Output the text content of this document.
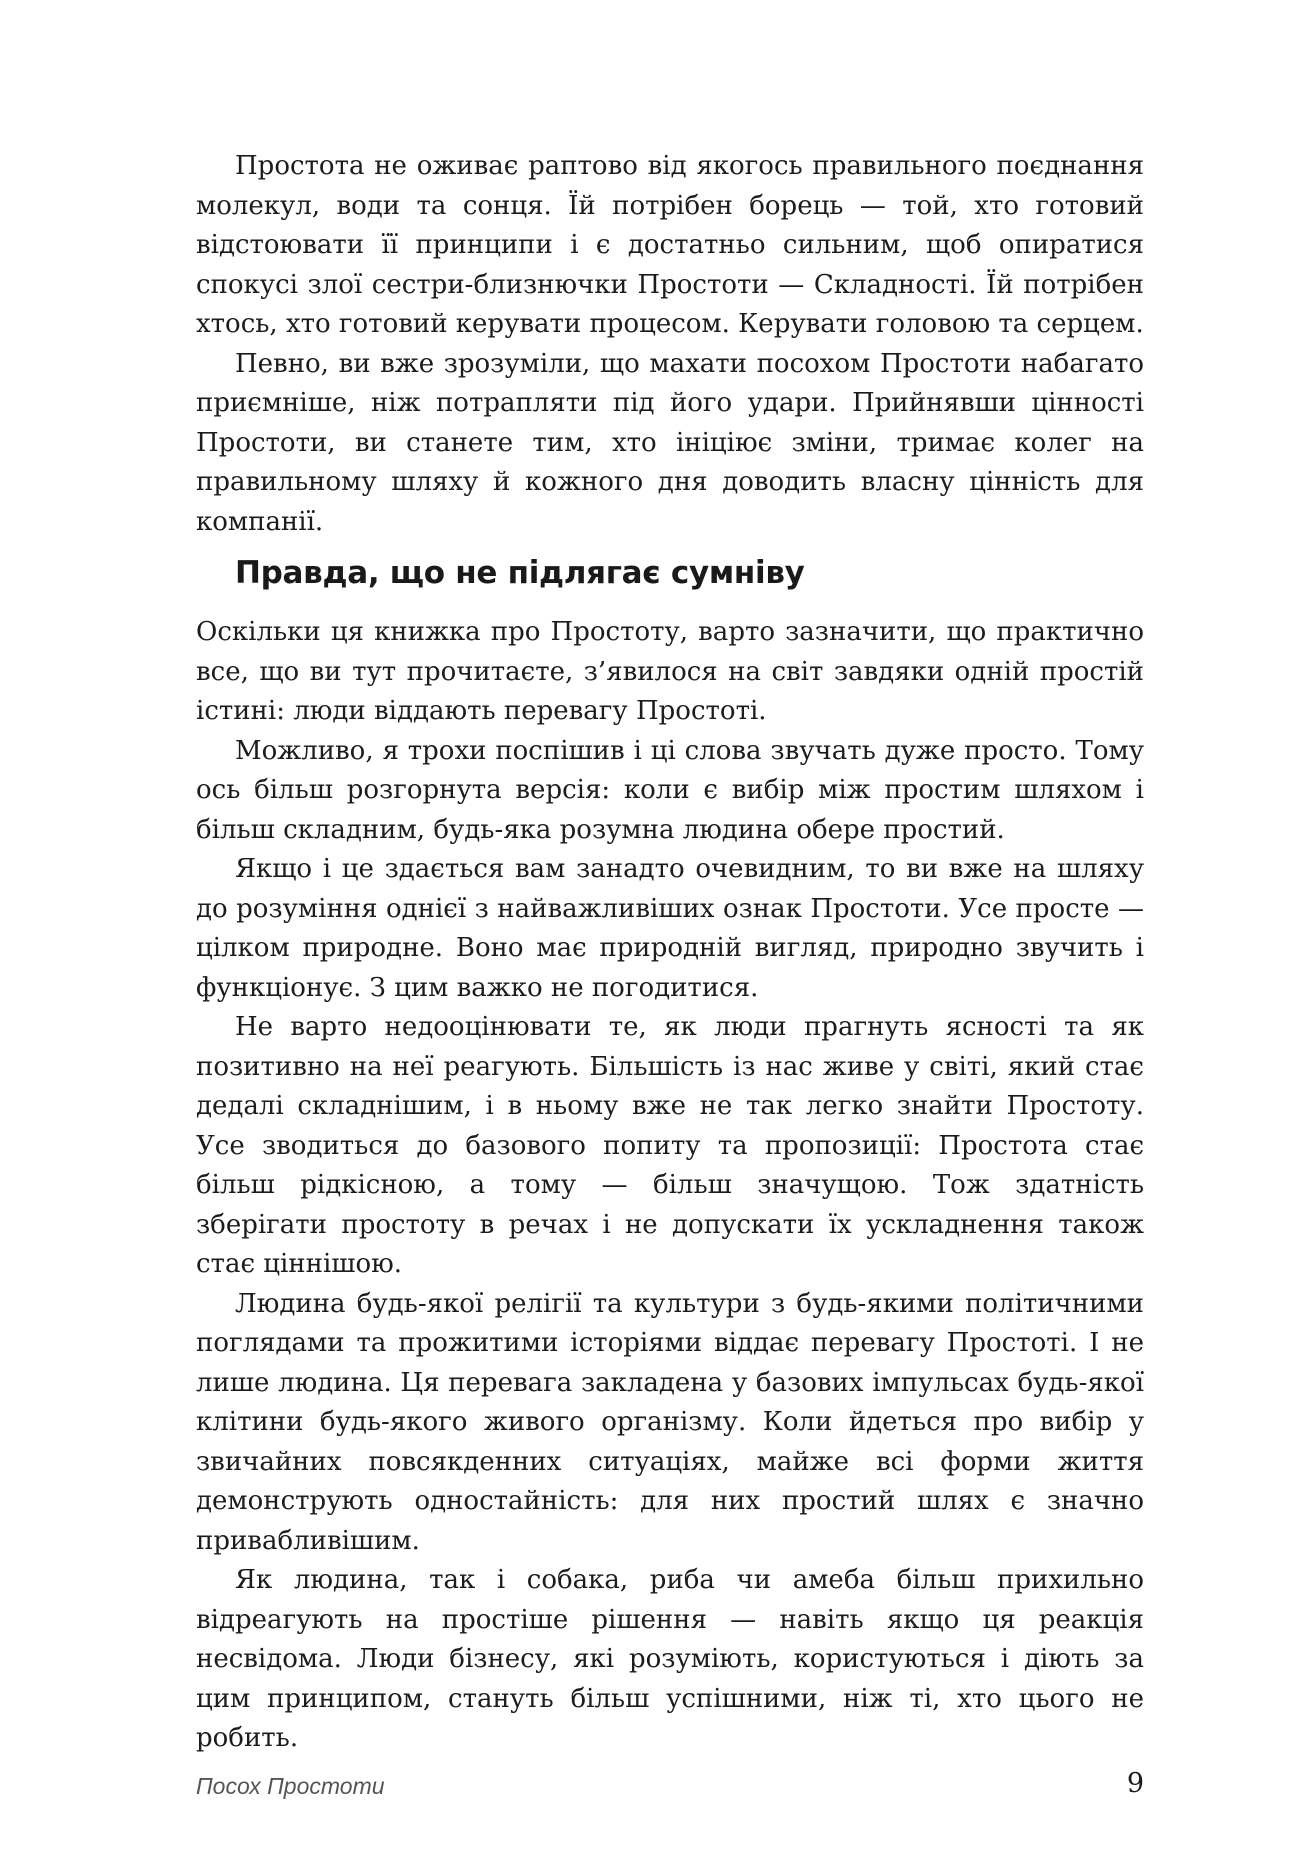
Простота не оживає раптово від якогось правильного поєднання молекул, води та сонця. Їй потрібен борець — той, хто готовий відстоювати її принципи і є достатньо сильним, щоб опиратися спокусі злої сестри-близнючки Простоти — Складності. Їй потрібен хтось, хто готовий керувати процесом. Керувати головою та серцем.

Певно, ви вже зрозуміли, що махати посохом Простоти набагато приємніше, ніж потрапляти під його удари. Прийнявши цінності Простоти, ви станете тим, хто ініціює зміни, тримає колег на правильному шляху й кожного дня доводить власну цінність для компанії.

Правда, що не підлягає сумніву

Оскільки ця книжка про Простоту, варто зазначити, що практично все, що ви тут прочитаєте, з’явилося на світ завдяки одній простій істині: люди віддають перевагу Простоті.

Можливо, я трохи поспішив і ці слова звучать дуже просто. Тому ось більш розгорнута версія: коли є вибір між простим шляхом і більш складним, будь-яка розумна людина обере простий.

Якщо і це здається вам занадто очевидним, то ви вже на шляху до розуміння однієї з найважливіших ознак Простоти. Усе просте — цілком природне. Воно має природній вигляд, природно звучить і функціонує. З цим важко не погодитися.

Не варто недооцінювати те, як люди прагнуть ясності та як позитивно на неї реагують. Більшість із нас живе у світі, який стає дедалі складнішим, і в ньому вже не так легко знайти Простоту. Усе зводиться до базового попиту та пропозиції: Простота стає більш рідкісною, а тому — більш значущою. Тож здатність зберігати простоту в речах і не допускати їх ускладнення також стає ціннішою.

Людина будь-якої релігії та культури з будь-якими політичними поглядами та прожитими історіями віддає перевагу Простоті. І не лише людина. Ця перевага закладена у базових імпульсах будь-якої клітини будь-якого живого організму. Коли йдеться про вибір у звичайних повсякденних ситуаціях, майже всі форми життя демонструють одностайність: для них простий шлях є значно привабливішим.

Як людина, так і собака, риба чи амеба більш прихильно відреагують на простіше рішення — навіть якщо ця реакція несвідома. Люди бізнесу, які розуміють, користуються і діють за цим принципом, стануть більш успішними, ніж ті, хто цього не робить.

Посох Простоти	9
